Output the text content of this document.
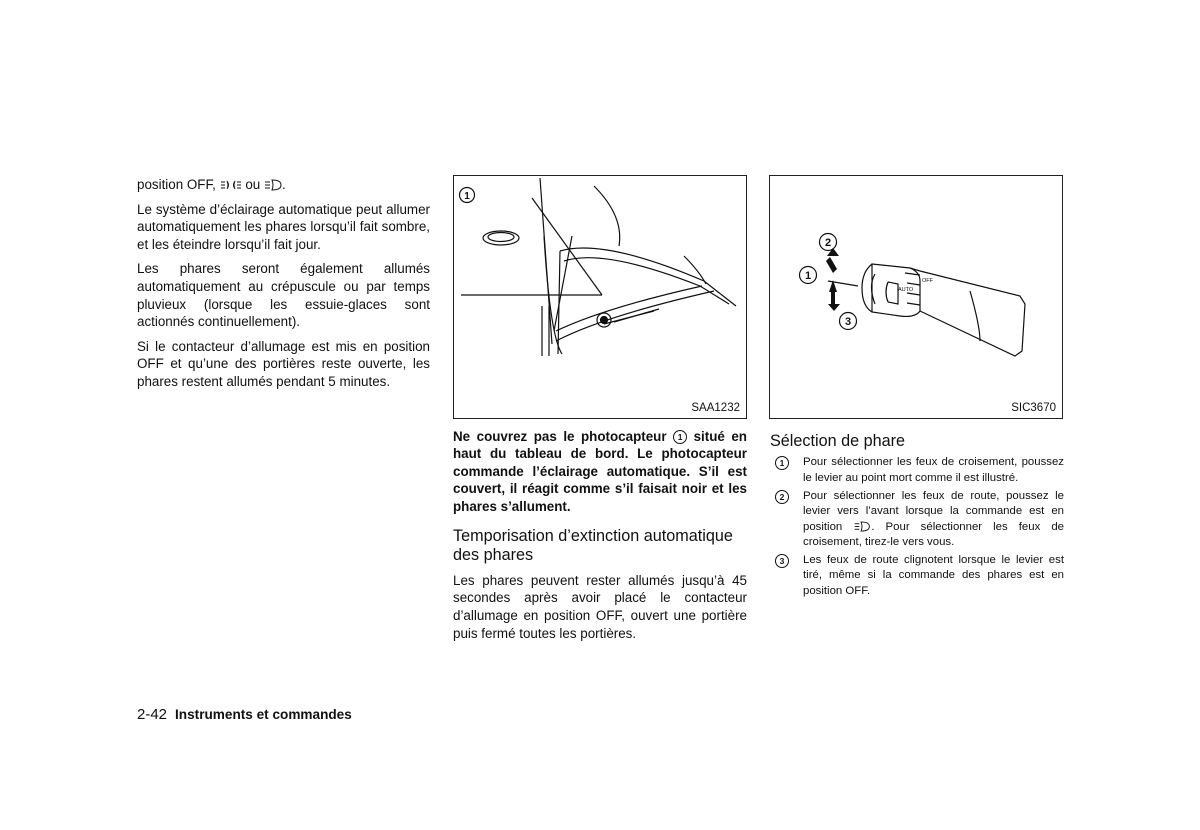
position OFF, ou .

Le système d’éclairage automatique peut allumer automatiquement les phares lorsqu’il fait sombre, et les éteindre lorsqu’il fait jour.

Les phares seront également allumés automatiquement au crépuscule ou par temps pluvieux (lorsque les essuie-glaces sont actionnés continuellement).

Si le contacteur d’allumage est mis en position OFF et qu’une des portières reste ouverte, les phares restent allumés pendant 5 minutes.

1
SAA1232
2
1
3
OFF
AUTO
SIC3670

Ne couvrez pas le photocapteur 1 situé en haut du tableau de bord. Le photocapteur commande l’éclairage automatique. S’il est couvert, il réagit comme s’il faisait noir et les phares s’allument.

Temporisation d’extinction automatique des phares

Les phares peuvent rester allumés jusqu’à 45 secondes après avoir placé le contacteur d’allumage en position OFF, ouvert une portière puis fermé toutes les portières.

Sélection de phare
1	Pour sélectionner les feux de croisement, poussez le levier au point mort comme il est illustré.
2	Pour sélectionner les feux de route, poussez le levier vers l’avant lorsque la commande est en position	. Pour sélectionner les feux de croisement, tirez-le vers vous.
3	Les feux de route clignotent lorsque le levier est tiré, même si la commande des phares est en position OFF.
2-42 Instruments et commandes
